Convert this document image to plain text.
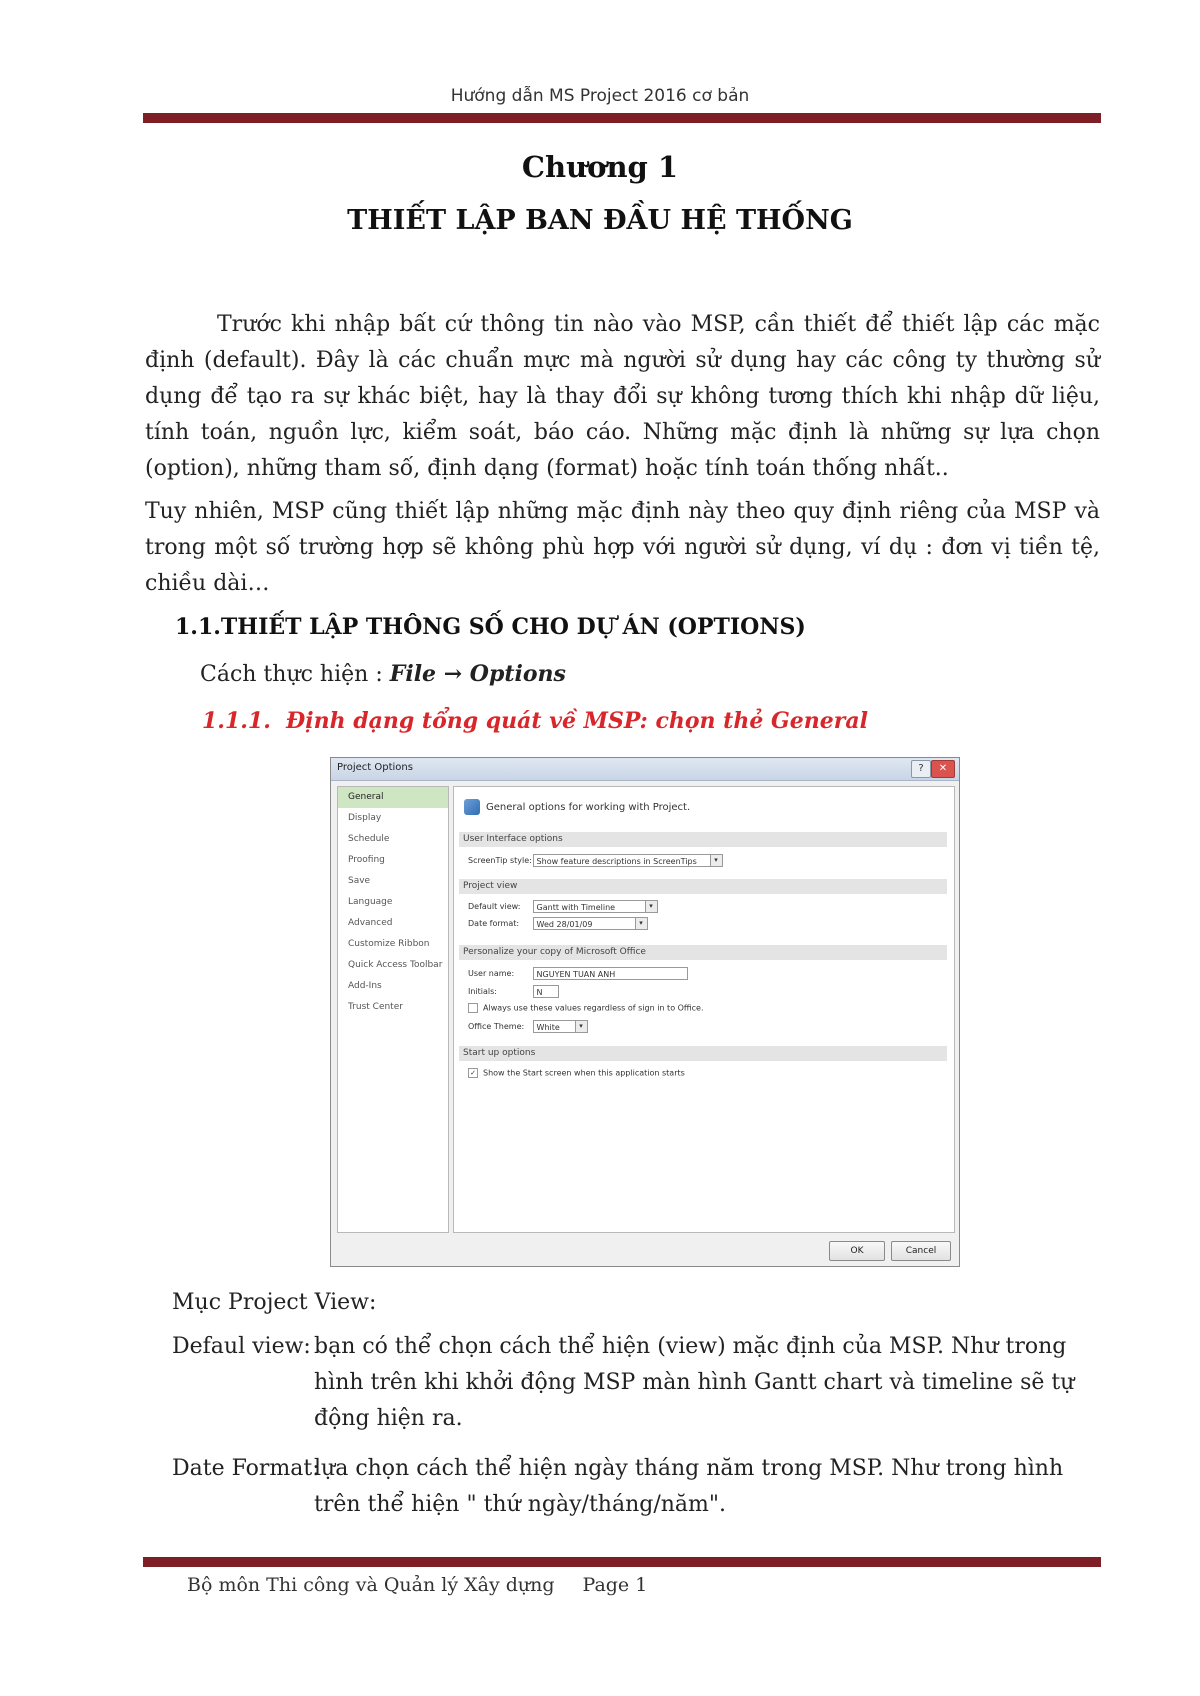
Hướng dẫn MS Project 2016 cơ bản
Chương 1
THIẾT LẬP BAN ĐẦU HỆ THỐNG
Trước khi nhập bất cứ thông tin nào vào MSP, cần thiết để thiết lập các mặc định (default). Đây là các chuẩn mực mà người sử dụng hay các công ty thường sử dụng để tạo ra sự khác biệt, hay là thay đổi sự không tương thích khi nhập dữ liệu, tính toán, nguồn lực, kiểm soát, báo cáo. Những mặc định là những sự lựa chọn (option), những tham số, định dạng (format) hoặc tính toán thống nhất..
Tuy nhiên, MSP cũng thiết lập những mặc định này theo quy định riêng của MSP và trong một số trường hợp sẽ không phù hợp với người sử dụng, ví dụ : đơn vị tiền tệ, chiều dài…
1.1.THIẾT LẬP THÔNG SỐ CHO DỰ ÁN (OPTIONS)
Cách thực hiện : File → Options
1.1.1. Định dạng tổng quát về MSP: chọn thẻ General
Project Options	?	✕
General
Display
Schedule
Proofing
Save
Language
Advanced
Customize Ribbon
Quick Access Toolbar
Add-Ins
Trust Center
General options for working with Project.
User Interface options
ScreenTip style: Show feature descriptions in ScreenTips	▾
Project view
Default view: Gantt with Timeline	▾
Date format: Wed 28/01/09	▾
Personalize your copy of Microsoft Office
User name:	NGUYEN TUAN ANH
Initials:	N
Always use these values regardless of sign in to Office.
Office Theme: White	▾
Start up options
✓ Show the Start screen when this application starts
OK	Cancel
Mục Project View:
Defaul view: bạn có thể chọn cách thể hiện (view) mặc định của MSP. Như trong hình trên khi khởi động MSP màn hình Gantt chart và timeline sẽ tự động hiện ra.
Date Format:
lựa chọn cách thể hiện ngày tháng năm trong MSP. Như trong hình trên thể hiện " thứ ngày/tháng/năm".
Bộ môn Thi công và Quản lý Xây dựng Page 1
